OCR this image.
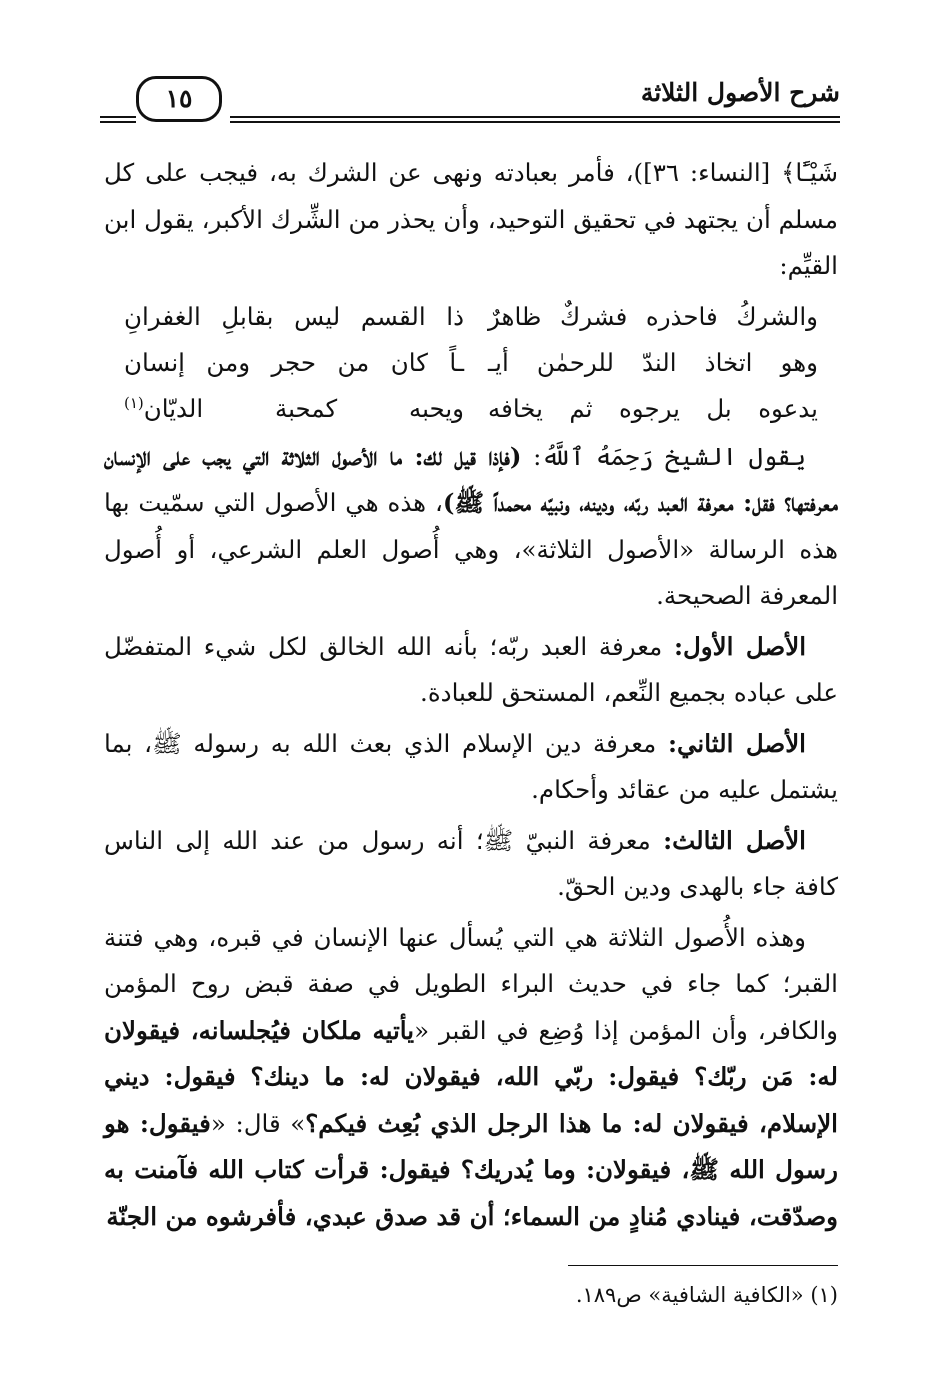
شرح الأصول الثلاثة
١٥

شَيْـًٔا﴾ [النساء: ٣٦])، فأمر بعبادته ونهى عن الشرك به، فيجب على كل مسلم أن يجتهد في تحقيق التوحيد، وأن يحذر من الشِّرك الأكبر، يقول ابن القيِّم:

والشركُ فاحذره فشركٌ ظاهرٌ
ذا القسم ليس بقابلِ الغفرانِ
وهو اتخاذ الندّ للرحمٰن أيـ
ـاً كان من حجر ومن إنسان
يدعوه بل يرجوه ثم يخافه
ويحبه كمحبة الديّان$^{(١)}$

يقول الشيخ رَحِمَهُ ٱللَّهُ: (فإذا قيل لك: ما الأصول الثلاثة التي يجب على الإنسان معرفتها؟ فقل: معرفة العبد ربّه، ودينه، ونبيّه محمداً ﷺ)، هذه هي الأصول التي سمّيت بها هذه الرسالة «الأصول الثلاثة»، وهي أُصول العلم الشرعي، أو أُصول المعرفة الصحيحة.

الأصل الأول: معرفة العبد ربّه؛ بأنه الله الخالق لكل شيء المتفضّل على عباده بجميع النِّعم، المستحق للعبادة.

الأصل الثاني: معرفة دين الإسلام الذي بعث الله به رسوله ﷺ، بما يشتمل عليه من عقائد وأحكام.

الأصل الثالث: معرفة النبيّ ﷺ؛ أنه رسول من عند الله إلى الناس كافة جاء بالهدى ودين الحقّ.

وهذه الأُصول الثلاثة هي التي يُسأل عنها الإنسان في قبره، وهي فتنة القبر؛ كما جاء في حديث البراء الطويل في صفة قبض روح المؤمن والكافر، وأن المؤمن إذا وُضِع في القبر «يأتيه ملكان فيُجلسانه، فيقولان له: مَن ربّك؟ فيقول: ربّي الله، فيقولان له: ما دينك؟ فيقول: ديني الإسلام، فيقولان له: ما هذا الرجل الذي بُعِث فيكم؟» قال: «فيقول: هو رسول الله ﷺ، فيقولان: وما يُدريك؟ فيقول: قرأت كتاب الله فآمنت به وصدّقت، فينادي مُنادٍ من السماء؛ أن قد صدق عبدي، فأفرشوه من الجنّة

(١) «الكافية الشافية» ص١٨٩.
